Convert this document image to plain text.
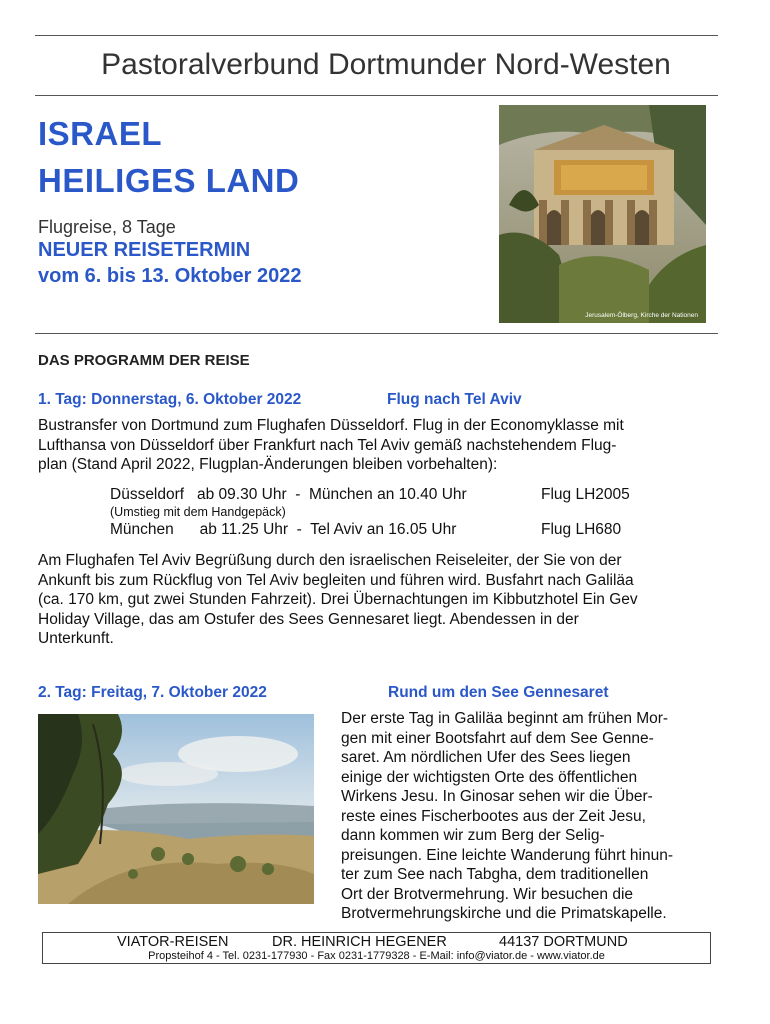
Pastoralverbund Dortmunder Nord-Westen
ISRAEL
HEILIGES LAND
Flugreise, 8 Tage
NEUER REISETERMIN
vom 6. bis 13. Oktober 2022
Jerusalem-Ölberg, Kirche der Nationen
DAS PROGRAMM DER REISE
1. Tag: Donnerstag, 6. Oktober 2022	Flug nach Tel Aviv
Bustransfer von Dortmund zum Flughafen Düsseldorf. Flug in der Economyklasse mit
Lufthansa von Düsseldorf über Frankfurt nach Tel Aviv gemäß nachstehendem Flug-
plan (Stand April 2022, Flugplan-Änderungen bleiben vorbehalten):
Düsseldorf   ab 09.30 Uhr  -  München an 10.40 Uhr	Flug LH2005
(Umstieg mit dem Handgepäck)
München      ab 11.25 Uhr  -  Tel Aviv an 16.05 Uhr	Flug LH680
Am Flughafen Tel Aviv Begrüßung durch den israelischen Reiseleiter, der Sie von der
Ankunft bis zum Rückflug von Tel Aviv begleiten und führen wird. Busfahrt nach Galiläa
(ca. 170 km, gut zwei Stunden Fahrzeit). Drei Übernachtungen im Kibbutzhotel Ein Gev
Holiday Village, das am Ostufer des Sees Gennesaret liegt. Abendessen in der
Unterkunft.
2. Tag: Freitag, 7. Oktober 2022	Rund um den See Gennesaret
Der erste Tag in Galiläa beginnt am frühen Mor-
gen mit einer Bootsfahrt auf dem See Genne-
saret. Am nördlichen Ufer des Sees liegen
einige der wichtigsten Orte des öffentlichen
Wirkens Jesu. In Ginosar sehen wir die Über-
reste eines Fischerbootes aus der Zeit Jesu,
dann kommen wir zum Berg der Selig-
preisungen. Eine leichte Wanderung führt hinun-
ter zum See nach Tabgha, dem traditionellen
Ort der Brotvermehrung. Wir besuchen die
Brotvermehrungskirche und die Primatskapelle.
VIATOR-REISEN	DR. HEINRICH HEGENER	44137 DORTMUND
Propsteihof 4 - Tel. 0231-177930 - Fax 0231-1779328 - E-Mail: info@viator.de - www.viator.de
